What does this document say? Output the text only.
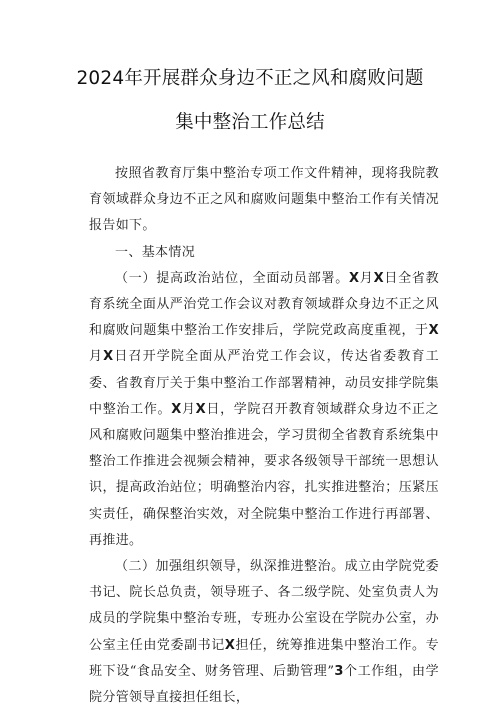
2024年开展群众身边不正之风和腐败问题
集中整治工作总结

按照省教育厅集中整治专项工作文件精神，现将我院教育领域群众身边不正之风和腐败问题集中整治工作有关情况报告如下。

一、基本情况

（一）提高政治站位，全面动员部署。X月X日全省教育系统全面从严治党工作会议对教育领域群众身边不正之风和腐败问题集中整治工作安排后，学院党政高度重视，于X月X日召开学院全面从严治党工作会议，传达省委教育工委、省教育厅关于集中整治工作部署精神，动员安排学院集中整治工作。X月X日，学院召开教育领域群众身边不正之风和腐败问题集中整治推进会，学习贯彻全省教育系统集中整治工作推进会视频会精神，要求各级领导干部统一思想认识，提高政治站位；明确整治内容，扎实推进整治；压紧压实责任，确保整治实效，对全院集中整治工作进行再部署、再推进。

（二）加强组织领导，纵深推进整治。成立由学院党委书记、院长总负责，领导班子、各二级学院、处室负责人为成员的学院集中整治专班，专班办公室设在学院办公室，办公室主任由党委副书记X担任，统筹推进集中整治工作。专班下设“食品安全、财务管理、后勤管理”3个工作组，由学院分管领导直接担任组长，
